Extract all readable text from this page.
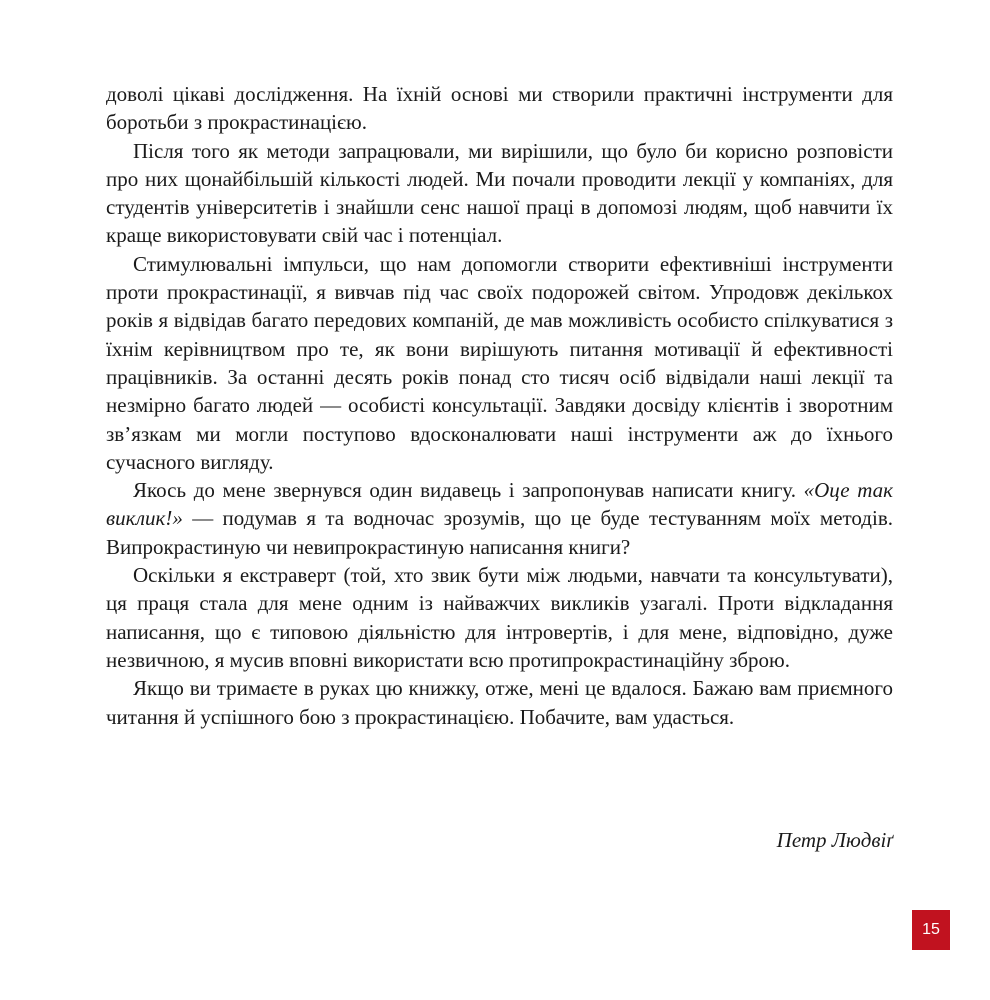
доволі цікаві дослідження. На їхній основі ми створили практичні інструменти для боротьби з прокрастинацією.

Після того як методи запрацювали, ми вирішили, що було би корисно розповісти про них щонайбільшій кількості людей. Ми почали проводити лекції у компаніях, для студентів університетів і знайшли сенс нашої праці в допомозі людям, щоб навчити їх краще використовувати свій час і потенціал.

Стимулювальні імпульси, що нам допомогли створити ефективніші інструменти проти прокрастинації, я вивчав під час своїх подорожей світом. Упродовж декількох років я відвідав багато передових компаній, де мав можливість особисто спілкуватися з їхнім керівництвом про те, як вони вирішують питання мотивації й ефективності працівників. За останні десять років понад сто тисяч осіб відвідали наші лекції та незмірно багато людей — особисті консультації. Завдяки досвіду клієнтів і зворотним зв’язкам ми могли поступово вдосконалювати наші інструменти аж до їхнього сучасного вигляду.

Якось до мене звернувся один видавець і запропонував написати книгу. «Оце так виклик!» — подумав я та водночас зрозумів, що це буде тестуванням моїх методів. Випрокрастиную чи невипрокрастиную написання книги?

Оскільки я екстраверт (той, хто звик бути між людьми, навчати та консультувати), ця праця стала для мене одним із найважчих викликів узагалі. Проти відкладання написання, що є типовою діяльністю для інтровертів, і для мене, відповідно, дуже незвичною, я мусив вповні використати всю протипрокрастинаційну зброю.

Якщо ви тримаєте в руках цю книжку, отже, мені це вдалося. Бажаю вам приємного читання й успішного бою з прокрастинацією. Побачите, вам удасться.

Петр Людвіґ
15
